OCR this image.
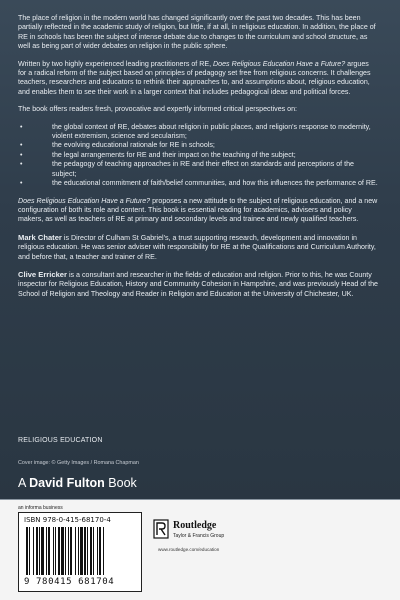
The place of religion in the modern world has changed significantly over the past two decades. This has been partially reflected in the academic study of religion, but little, if at all, in religious education. In addition, the place of RE in schools has been the subject of intense debate due to changes to the curriculum and school structure, as well as being part of wider debates on religion in the public sphere.

Written by two highly experienced leading practitioners of RE, Does Religious Education Have a Future? argues for a radical reform of the subject based on principles of pedagogy set free from religious concerns. It challenges teachers, researchers and educators to rethink their approaches to, and assumptions about, religious education, and enables them to see their work in a larger context that includes pedagogical ideas and political forces.

The book offers readers fresh, provocative and expertly informed critical perspectives on:

• the global context of RE, debates about religion in public places, and religion's response to modernity, violent extremism, science and secularism;
• the evolving educational rationale for RE in schools;
• the legal arrangements for RE and their impact on the teaching of the subject;
• the pedagogy of teaching approaches in RE and their effect on standards and perceptions of the subject;
• the educational commitment of faith/belief communities, and how this influences the performance of RE.

Does Religious Education Have a Future? proposes a new attitude to the subject of religious education, and a new configuration of both its role and content. This book is essential reading for academics, advisers and policy makers, as well as teachers of RE at primary and secondary levels and trainee and newly qualified teachers.

Mark Chater is Director of Culham St Gabriel's, a trust supporting research, development and innovation in religious education. He was senior adviser with responsibility for RE at the Qualifications and Curriculum Authority, and before that, a teacher and trainer of RE.

Clive Erricker is a consultant and researcher in the fields of education and religion. Prior to this, he was County inspector for Religious Education, History and Community Cohesion in Hampshire, and was previously Head of the School of Religion and Theology and Reader in Religion and Education at the University of Chichester, UK.

RELIGIOUS EDUCATION
Cover image: © Getty Images / Romana Chapman
A David Fulton Book
an informa business
ISBN 978-0-415-68170-4
9 780415 681704
Routledge
Taylor & Francis Group
www.routledge.com/education
